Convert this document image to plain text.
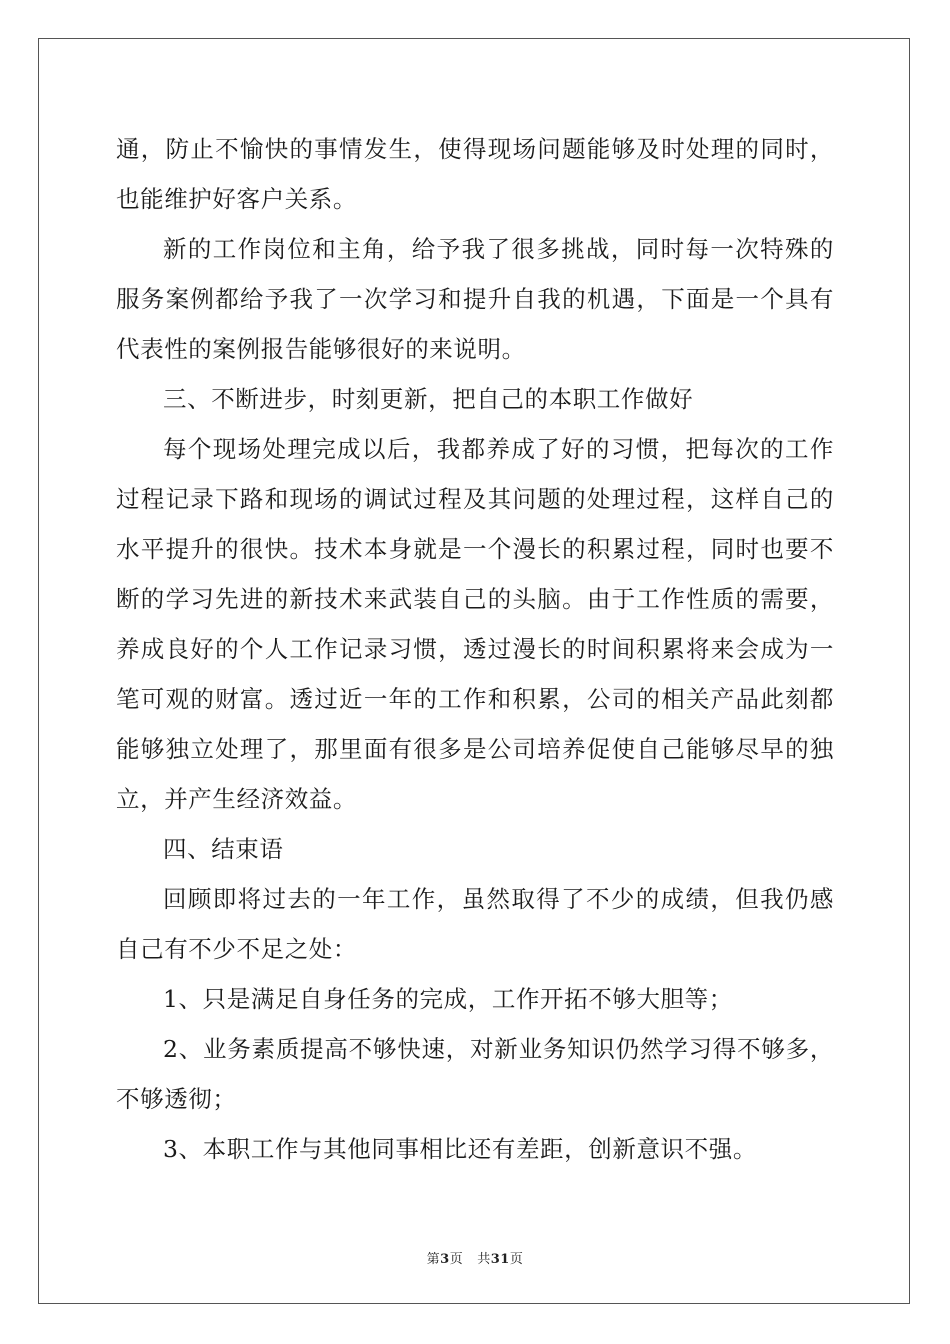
通，防止不愉快的事情发生，使得现场问题能够及时处理的同时，也能维护好客户关系。

新的工作岗位和主角，给予我了很多挑战，同时每一次特殊的服务案例都给予我了一次学习和提升自我的机遇，下面是一个具有代表性的案例报告能够很好的来说明。

三、不断进步，时刻更新，把自己的本职工作做好

每个现场处理完成以后，我都养成了好的习惯，把每次的工作过程记录下路和现场的调试过程及其问题的处理过程，这样自己的水平提升的很快。技术本身就是一个漫长的积累过程，同时也要不断的学习先进的新技术来武装自己的头脑。由于工作性质的需要，养成良好的个人工作记录习惯，透过漫长的时间积累将来会成为一笔可观的财富。透过近一年的工作和积累，公司的相关产品此刻都能够独立处理了，那里面有很多是公司培养促使自己能够尽早的独立，并产生经济效益。

四、结束语

回顾即将过去的一年工作，虽然取得了不少的成绩，但我仍感自己有不少不足之处：

1、只是满足自身任务的完成，工作开拓不够大胆等；

2、业务素质提高不够快速，对新业务知识仍然学习得不够多，不够透彻；

3、本职工作与其他同事相比还有差距，创新意识不强。

第3页 共31页
